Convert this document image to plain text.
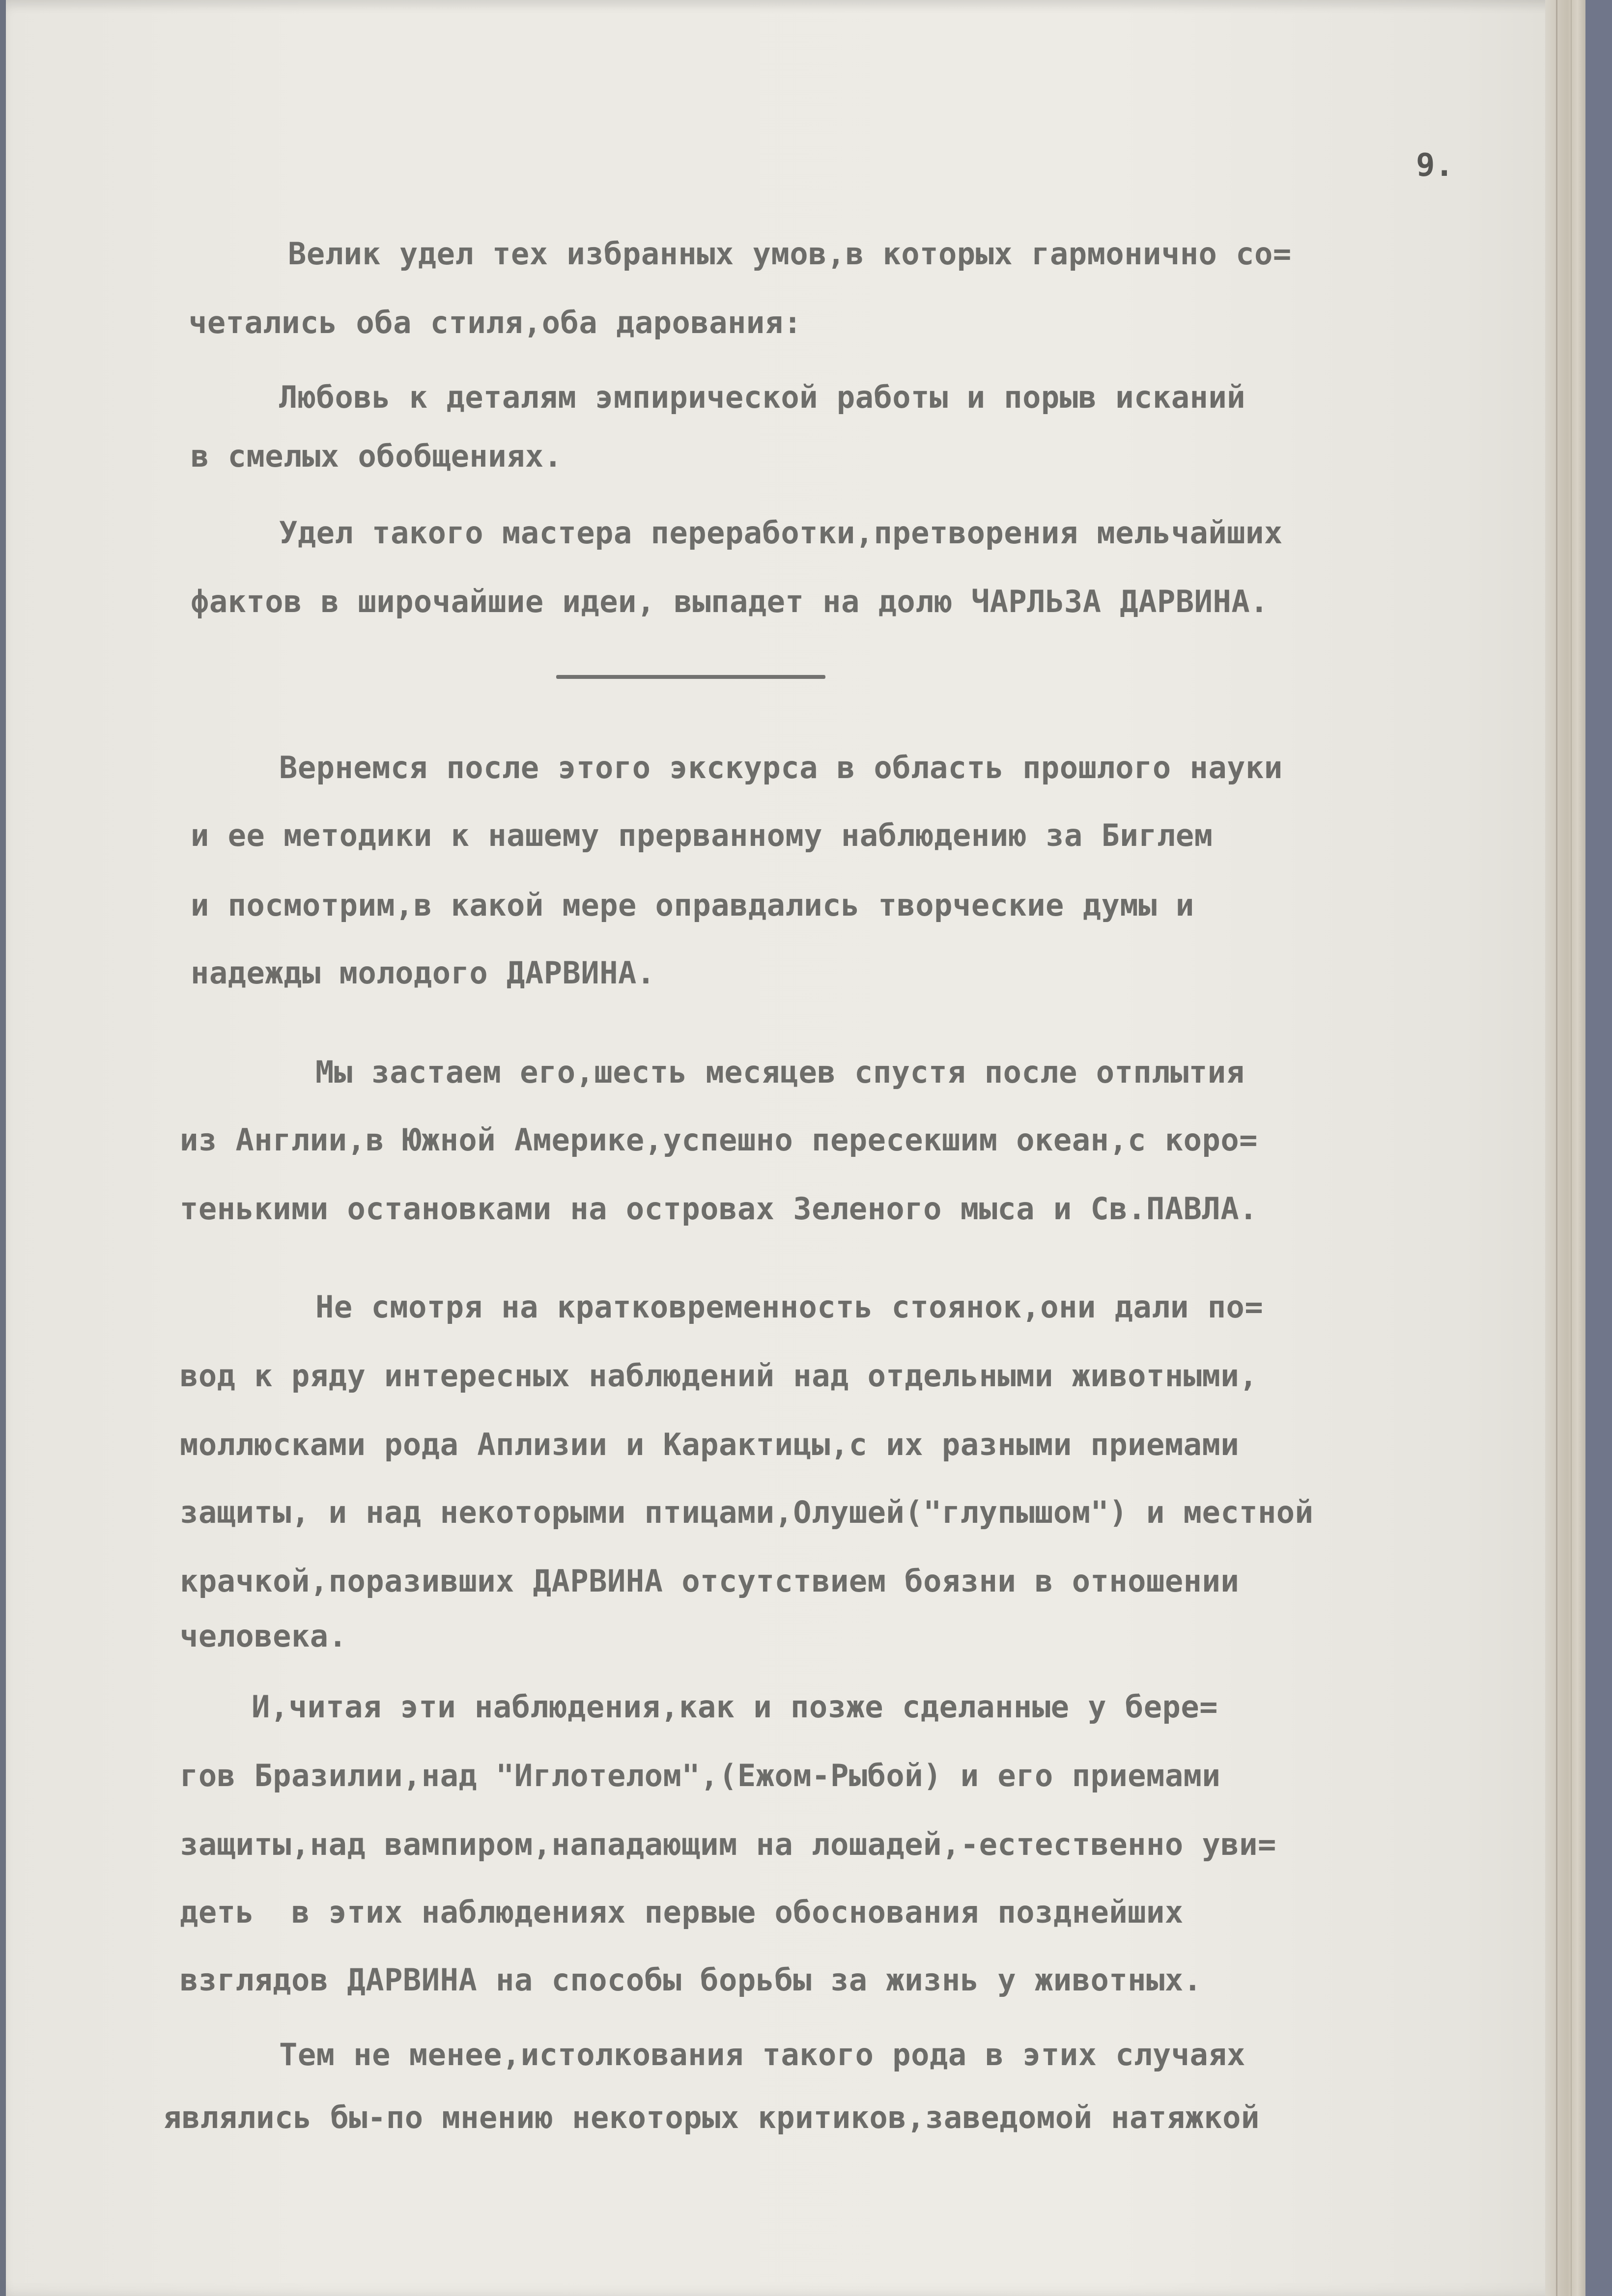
9.

Велик удел тех избранных умов,в которых гармонично со=

четались оба стиля,оба дарования:

Любовь к деталям эмпирической работы и порыв исканий

в смелых обобщениях.

Удел такого мастера переработки,претворения мельчайших

фактов в широчайшие идеи, выпадет на долю ЧАРЛЬЗА ДАРВИНА.

Вернемся после этого экскурса в область прошлого науки

и ее методики к нашему прерванному наблюдению за Биглем

и посмотрим,в какой мере оправдались творческие думы и

надежды молодого ДАРВИНА.

Мы застаем его,шесть месяцев спустя после отплытия

из Англии,в Южной Америке,успешно пересекшим океан,с коро=

тенькими остановками на островах Зеленого мыса и Св.ПАВЛА.

Не смотря на кратковременность стоянок,они дали по=

вод к ряду интересных наблюдений над отдельными животными,

моллюсками рода Аплизии и Карактицы,с их разными приемами

защиты, и над некоторыми птицами,Олушей("глупышом") и местной

крачкой,поразивших ДАРВИНА отсутствием боязни в отношении

человека.

И,читая эти наблюдения,как и позже сделанные у бере=

гов Бразилии,над "Иглотелом",(Ежом-Рыбой) и его приемами

защиты,над вампиром,нападающим на лошадей,-естественно уви=

деть  в этих наблюдениях первые обоснования позднейших

взглядов ДАРВИНА на способы борьбы за жизнь у животных.

Тем не менее,истолкования такого рода в этих случаях

являлись бы-по мнению некоторых критиков,заведомой натяжкой
